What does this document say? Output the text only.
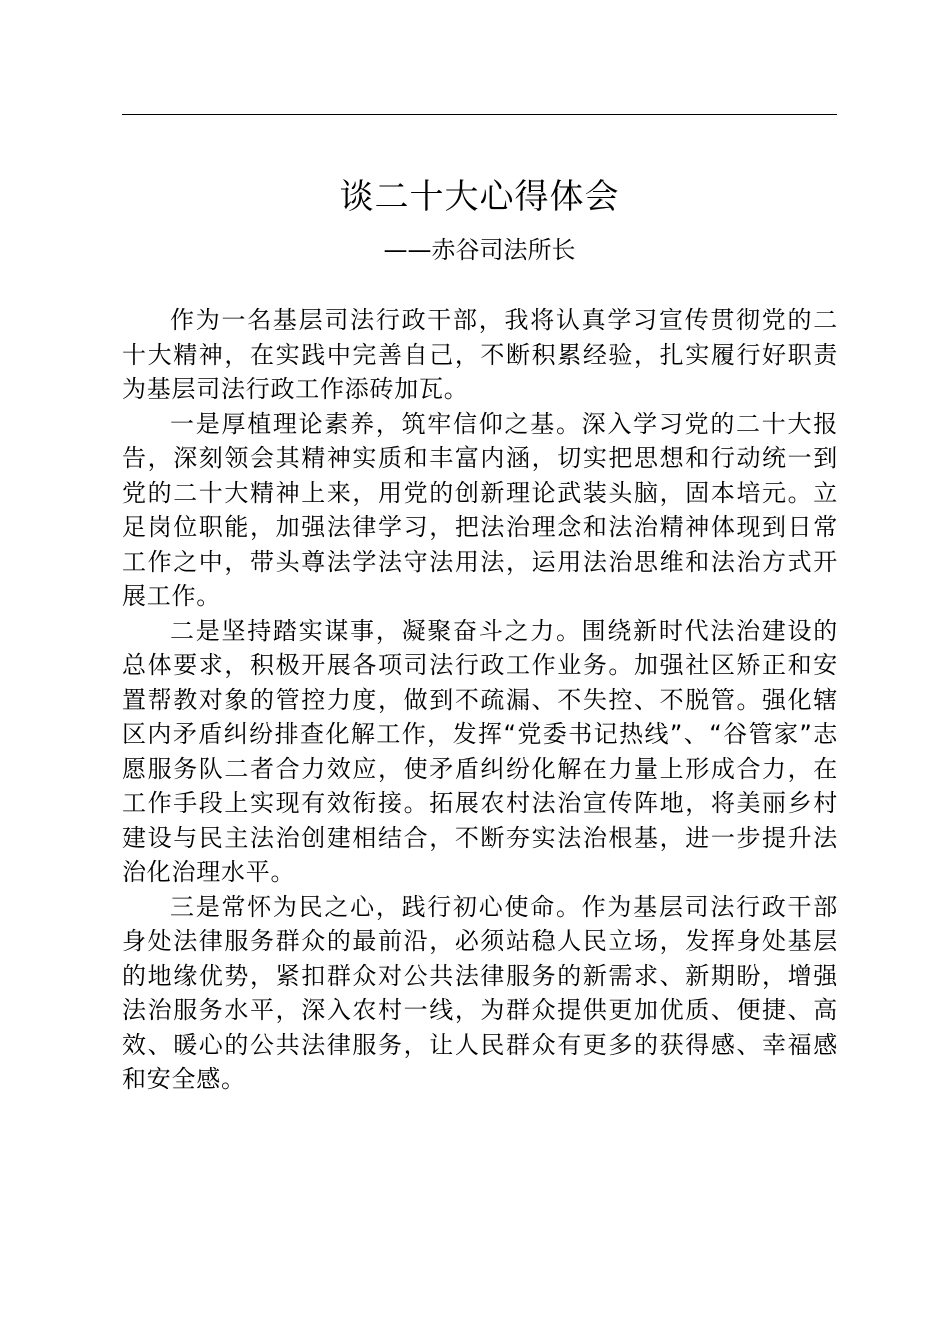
谈二十大心得体会
——赤谷司法所长

作为一名基层司法行政干部，我将认真学习宣传贯彻党的二十大精神，在实践中完善自己，不断积累经验，扎实履行好职责为基层司法行政工作添砖加瓦。

一是厚植理论素养，筑牢信仰之基。深入学习党的二十大报告，深刻领会其精神实质和丰富内涵，切实把思想和行动统一到党的二十大精神上来，用党的创新理论武装头脑，固本培元。立足岗位职能，加强法律学习，把法治理念和法治精神体现到日常工作之中，带头尊法学法守法用法，运用法治思维和法治方式开展工作。

二是坚持踏实谋事，凝聚奋斗之力。围绕新时代法治建设的总体要求，积极开展各项司法行政工作业务。加强社区矫正和安置帮教对象的管控力度，做到不疏漏、不失控、不脱管。强化辖区内矛盾纠纷排查化解工作，发挥“党委书记热线”、“谷管家”志愿服务队二者合力效应，使矛盾纠纷化解在力量上形成合力，在工作手段上实现有效衔接。拓展农村法治宣传阵地，将美丽乡村建设与民主法治创建相结合，不断夯实法治根基，进一步提升法治化治理水平。

三是常怀为民之心，践行初心使命。作为基层司法行政干部身处法律服务群众的最前沿，必须站稳人民立场，发挥身处基层的地缘优势，紧扣群众对公共法律服务的新需求、新期盼，增强法治服务水平，深入农村一线，为群众提供更加优质、便捷、高效、暖心的公共法律服务，让人民群众有更多的获得感、幸福感和安全感。
